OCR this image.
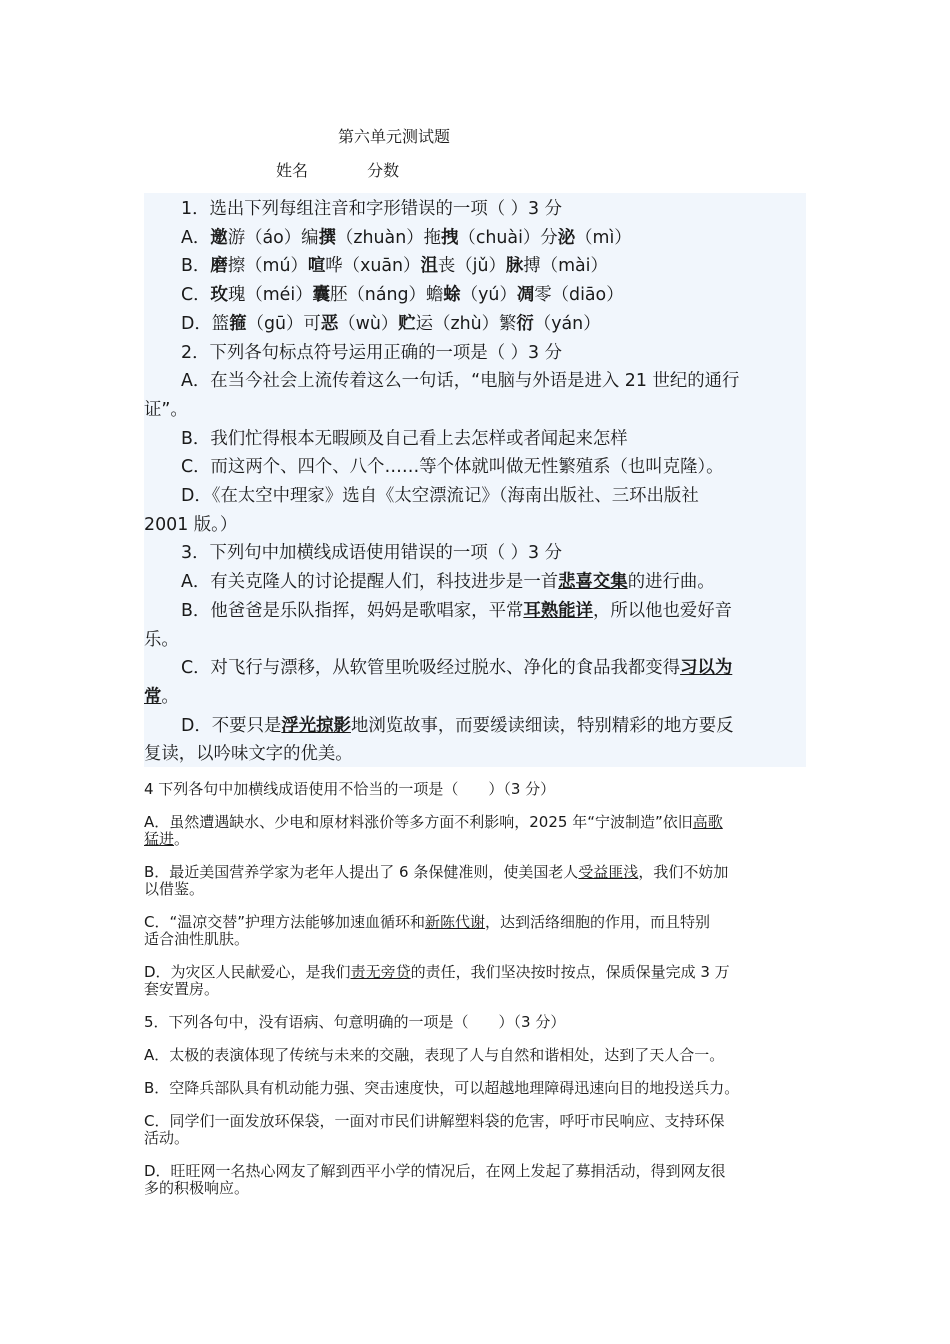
第六单元测试题
姓名	分数
1．选出下列每组注音和字形错误的一项（ ）3 分
A．邀游（áo）编撰（zhuàn）拖拽（chuài）分泌（mì）
B．磨擦（mú）喧哗（xuān）沮丧（jǔ）脉搏（mài）
C．玫瑰（méi）囊胚（náng）蟾蜍（yú）凋零（diāo）
D．篮箍（gū）可恶（wù）贮运（zhù）繁衍（yán）
2．下列各句标点符号运用正确的一项是（ ）3 分
A．在当今社会上流传着这么一句话，“电脑与外语是进入 21 世纪的通行
证”。
B．我们忙得根本无暇顾及自己看上去怎样或者闻起来怎样
C．而这两个、四个、八个……等个体就叫做无性繁殖系（也叫克隆）。
D．《在太空中理家》选自《太空漂流记》（海南出版社、三环出版社
2001 版。）
3．下列句中加横线成语使用错误的一项（ ）3 分
A．有关克隆人的讨论提醒人们，科技进步是一首悲喜交集的进行曲。
B．他爸爸是乐队指挥，妈妈是歌唱家，平常耳熟能详，所以他也爱好音
乐。
C．对飞行与漂移，从软管里吮吸经过脱水、净化的食品我都变得习以为
常。
D．不要只是浮光掠影地浏览故事，而要缓读细读，特别精彩的地方要反
复读，以吟味文字的优美。
4 下列各句中加横线成语使用不恰当的一项是（　　）（3 分）
A．虽然遭遇缺水、少电和原材料涨价等多方面不利影响，2025 年“宁波制造”依旧高歌
猛进。
B．最近美国营养学家为老年人提出了 6 条保健准则，使美国老人受益匪浅，我们不妨加
以借鉴。
C．“温凉交替”护理方法能够加速血循环和新陈代谢，达到活络细胞的作用，而且特别
适合油性肌肤。
D．为灾区人民献爱心，是我们责无旁贷的责任，我们坚决按时按点，保质保量完成 3 万
套安置房。
5．下列各句中，没有语病、句意明确的一项是（　　）（3 分）
A．太极的表演体现了传统与未来的交融，表现了人与自然和谐相处，达到了天人合一。
B．空降兵部队具有机动能力强、突击速度快，可以超越地理障碍迅速向目的地投送兵力。
C．同学们一面发放环保袋，一面对市民们讲解塑料袋的危害，呼吁市民响应、支持环保
活动。
D．旺旺网一名热心网友了解到西平小学的情况后，在网上发起了募捐活动，得到网友很
多的积极响应。
